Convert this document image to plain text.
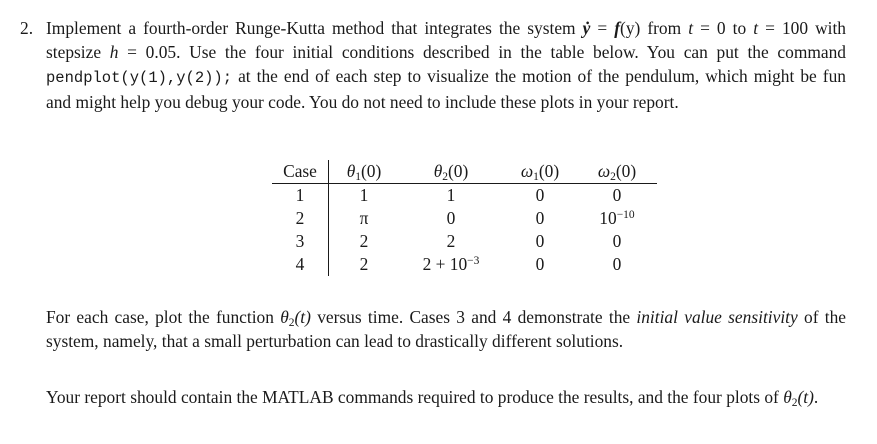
2. Implement a fourth-order Runge-Kutta method that integrates the system ẏ = f(y) from t = 0 to t = 100 with stepsize h = 0.05. Use the four initial conditions described in the table below. You can put the command pendplot(y(1),y(2)); at the end of each step to visualize the motion of the pendulum, which might be fun and might help you debug your code. You do not need to include these plots in your report.

Case	$\theta_1(0)$	$\theta_2(0)$	$\omega_1(0)$	$\omega_2(0)$
1	1	1	0	0
2	π	0	0	$10^{-10}$
3	2	2	0	0
4	2	$2 + 10^{-3}$	0	0

For each case, plot the function $\theta_2(t)$ versus time. Cases 3 and 4 demonstrate the initial value sensitivity of the system, namely, that a small perturbation can lead to drastically different solutions.

Your report should contain the MATLAB commands required to produce the results, and the four plots of $\theta_2(t)$.
